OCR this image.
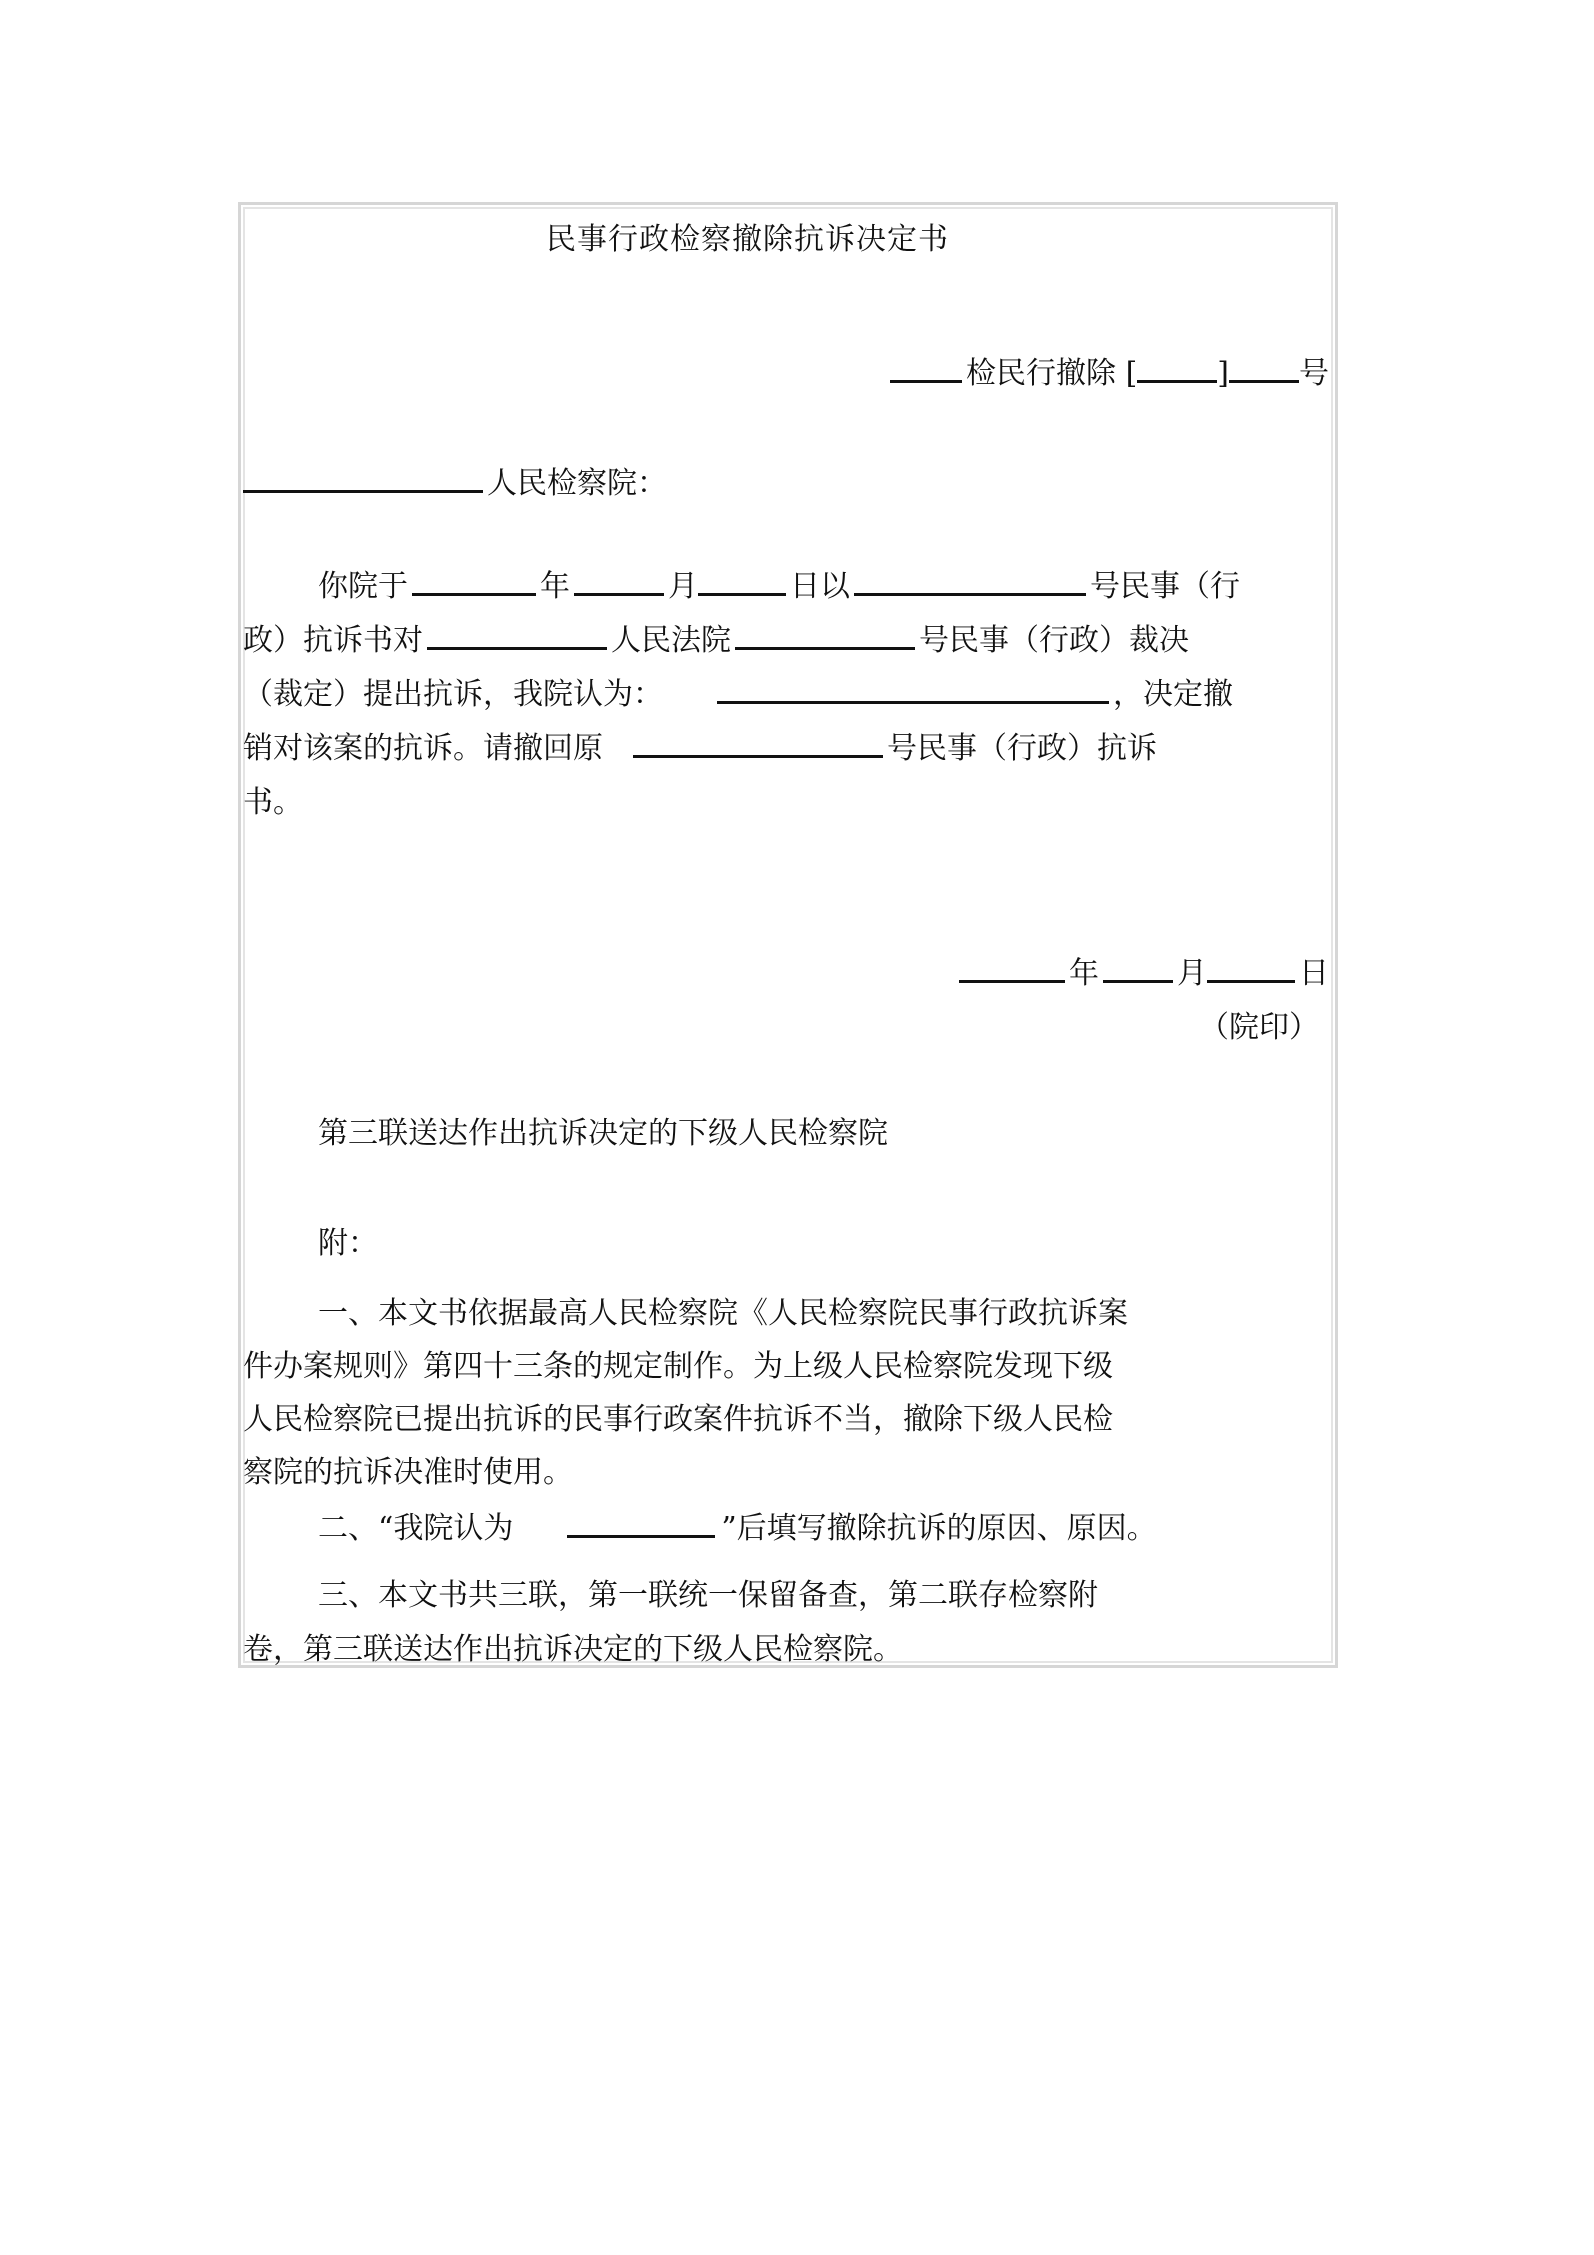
民事行政检察撤除抗诉决定书
检民行撤除 [	] 号
人民检察院：
你院于	年	月	日以	号民事（行
政）抗诉书对	人民法院	号民事（行政）裁决
（裁定）提出抗诉，我院认为：	，决定撤
销对该案的抗诉。请撤回原	号民事（行政）抗诉
书。
年	月	日
（院印）
第三联送达作出抗诉决定的下级人民检察院
附：
一、本文书依据最高人民检察院《人民检察院民事行政抗诉案
件办案规则》第四十三条的规定制作。为上级人民检察院发现下级
人民检察院已提出抗诉的民事行政案件抗诉不当，撤除下级人民检
察院的抗诉决准时使用。
二、“我院认为	”后填写撤除抗诉的原因、原因。
三、本文书共三联，第一联统一保留备查，第二联存检察附
卷，第三联送达作出抗诉决定的下级人民检察院。
